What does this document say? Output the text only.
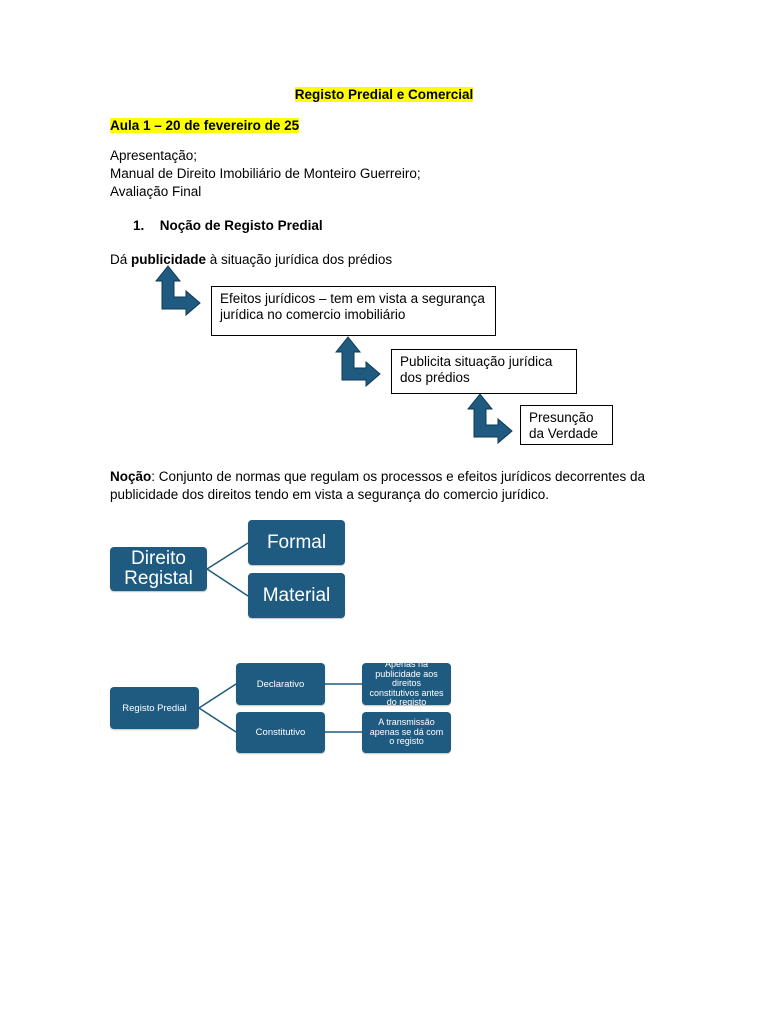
Registo Predial e Comercial
Aula 1 – 20 de fevereiro de 25
Apresentação;
Manual de Direito Imobiliário de Monteiro Guerreiro;
Avaliação Final
1. Noção de Registo Predial
Dá publicidade à situação jurídica dos prédios
Efeitos jurídicos – tem em vista a segurança jurídica no comercio imobiliário
Publicita situação jurídica dos prédios
Presunção da Verdade
Noção: Conjunto de normas que regulam os processos e efeitos jurídicos decorrentes da publicidade dos direitos tendo em vista a segurança do comercio jurídico.
Direito Registal
Formal
Material
Registo Predial
Declarativo
Constitutivo
Apenas há publicidade aos direitos constitutivos antes do registo
A transmissão apenas se dá com o registo
